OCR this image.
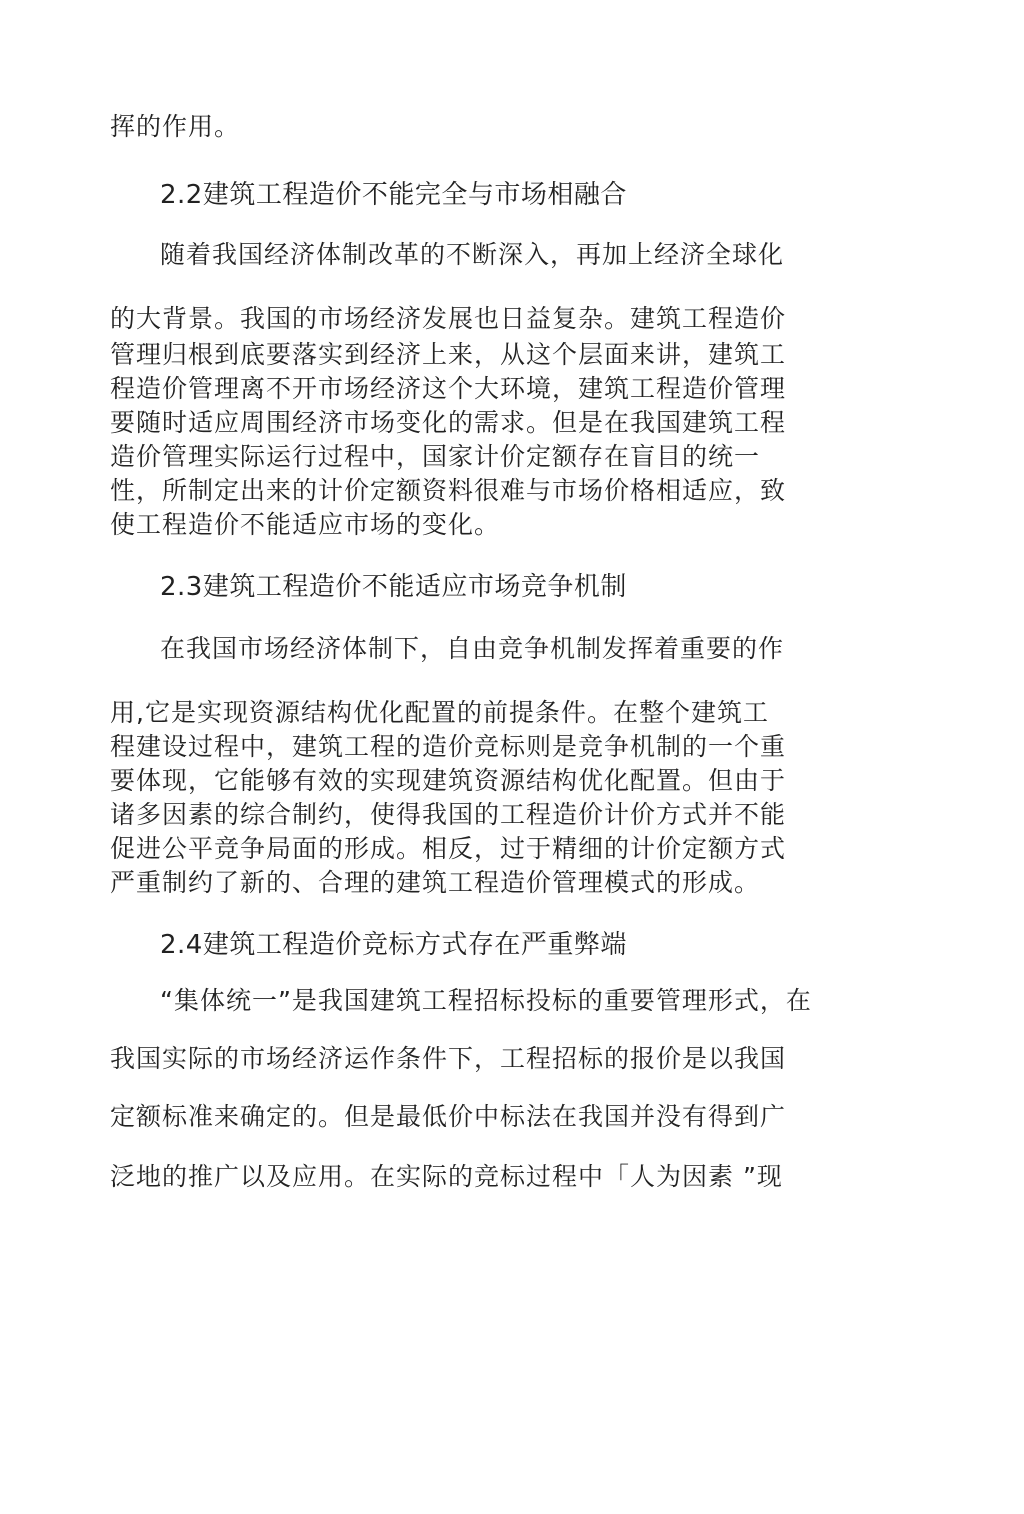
挥的作用。

2.2建筑工程造价不能完全与市场相融合

随着我国经济体制改革的不断深入，再加上经济全球化

的大背景。我国的市场经济发展也日益复杂。建筑工程造价

管理归根到底要落实到经济上来，从这个层面来讲，建筑工

程造价管理离不开市场经济这个大环境，建筑工程造价管理

要随时适应周围经济市场变化的需求。但是在我国建筑工程

造价管理实际运行过程中，国家计价定额存在盲目的统一

性，所制定出来的计价定额资料很难与市场价格相适应，致

使工程造价不能适应市场的变化。

2.3建筑工程造价不能适应市场竞争机制

在我国市场经济体制下，自由竞争机制发挥着重要的作

用,它是实现资源结构优化配置的前提条件。在整个建筑工

程建设过程中，建筑工程的造价竞标则是竞争机制的一个重

要体现，它能够有效的实现建筑资源结构优化配置。但由于

诸多因素的综合制约，使得我国的工程造价计价方式并不能

促进公平竞争局面的形成。相反，过于精细的计价定额方式

严重制约了新的、合理的建筑工程造价管理模式的形成。

2.4建筑工程造价竞标方式存在严重弊端

“集体统一”是我国建筑工程招标投标的重要管理形式，在

我国实际的市场经济运作条件下，工程招标的报价是以我国

定额标准来确定的。但是最低价中标法在我国并没有得到广

泛地的推广以及应用。在实际的竞标过程中「人为因素 ”现
